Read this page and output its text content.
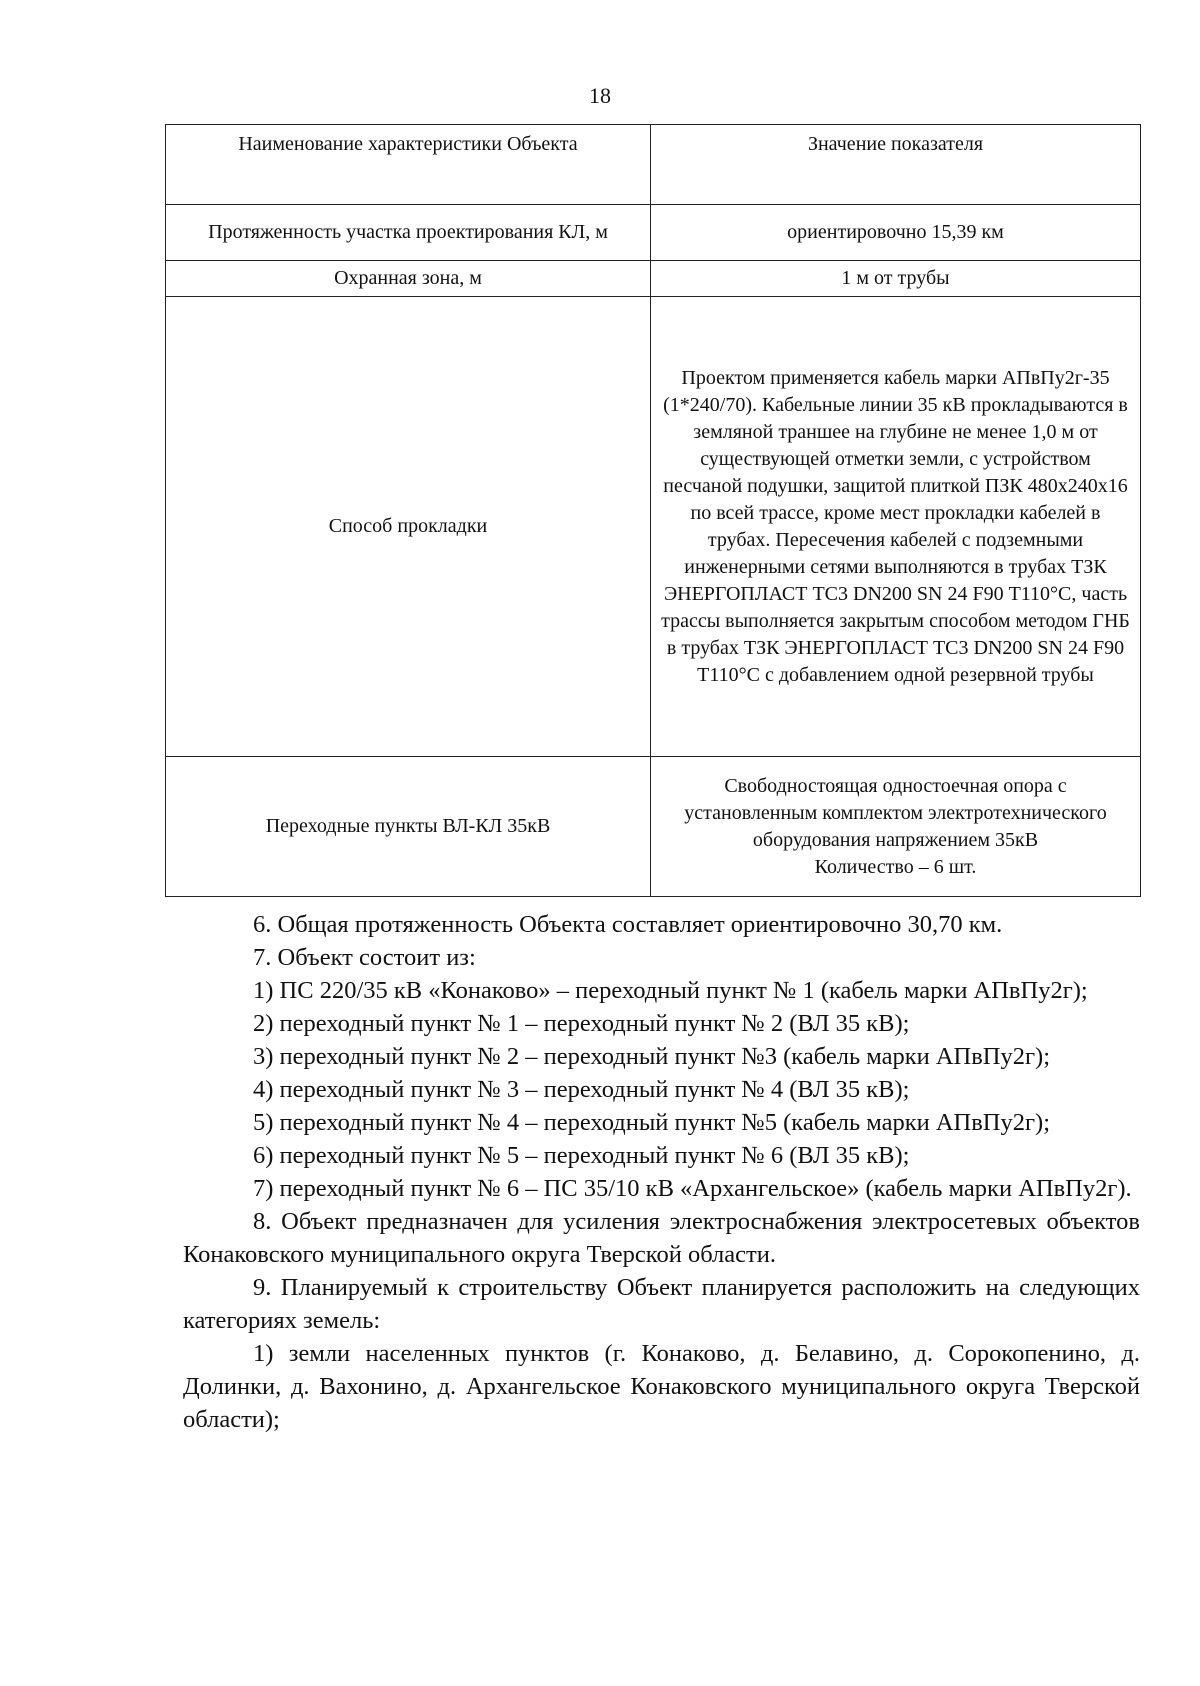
18
Наименование характеристики Объекта	Значение показателя
Протяженность участка проектирования КЛ, м	ориентировочно 15,39 км
Охранная зона, м	1 м от трубы
Способ прокладки	Проектом применяется кабель марки АПвПу2г-35 (1*240/70). Кабельные линии 35 кВ прокладываются в земляной траншее на глубине не менее 1,0 м от существующей отметки земли, с устройством песчаной подушки, защитой плиткой ПЗК 480х240х16 по всей трассе, кроме мест прокладки кабелей в трубах. Пересечения кабелей с подземными инженерными сетями выполняются в трубах ТЗК ЭНЕРГОПЛАСТ ТС3 DN200 SN 24 F90 Т110°С, часть трассы выполняется закрытым способом методом ГНБ в трубах ТЗК ЭНЕРГОПЛАСТ ТС3 DN200 SN 24 F90 Т110°С с добавлением одной резервной трубы
Переходные пункты ВЛ-КЛ 35кВ	Свободностоящая одностоечная опора с установленным комплектом электротехнического оборудования напряжением 35кВ
Количество – 6 шт.

6. Общая протяженность Объекта составляет ориентировочно 30,70 км.

7. Объект состоит из:

1) ПС 220/35 кВ «Конаково» – переходный пункт № 1 (кабель марки АПвПу2г);

2) переходный пункт № 1 – переходный пункт № 2 (ВЛ 35 кВ);

3) переходный пункт № 2 – переходный пункт №3 (кабель марки АПвПу2г);

4) переходный пункт № 3 – переходный пункт № 4 (ВЛ 35 кВ);

5) переходный пункт № 4 – переходный пункт №5 (кабель марки АПвПу2г);

6) переходный пункт № 5 – переходный пункт № 6 (ВЛ 35 кВ);

7) переходный пункт № 6 – ПС 35/10 кВ «Архангельское» (кабель марки АПвПу2г).

8. Объект предназначен для усиления электроснабжения электросетевых объектов Конаковского муниципального округа Тверской области.

9. Планируемый к строительству Объект планируется расположить на следующих категориях земель:

1) земли населенных пунктов (г. Конаково, д. Белавино, д. Сорокопенино, д. Долинки, д. Вахонино, д. Архангельское Конаковского муниципального округа Тверской области);
